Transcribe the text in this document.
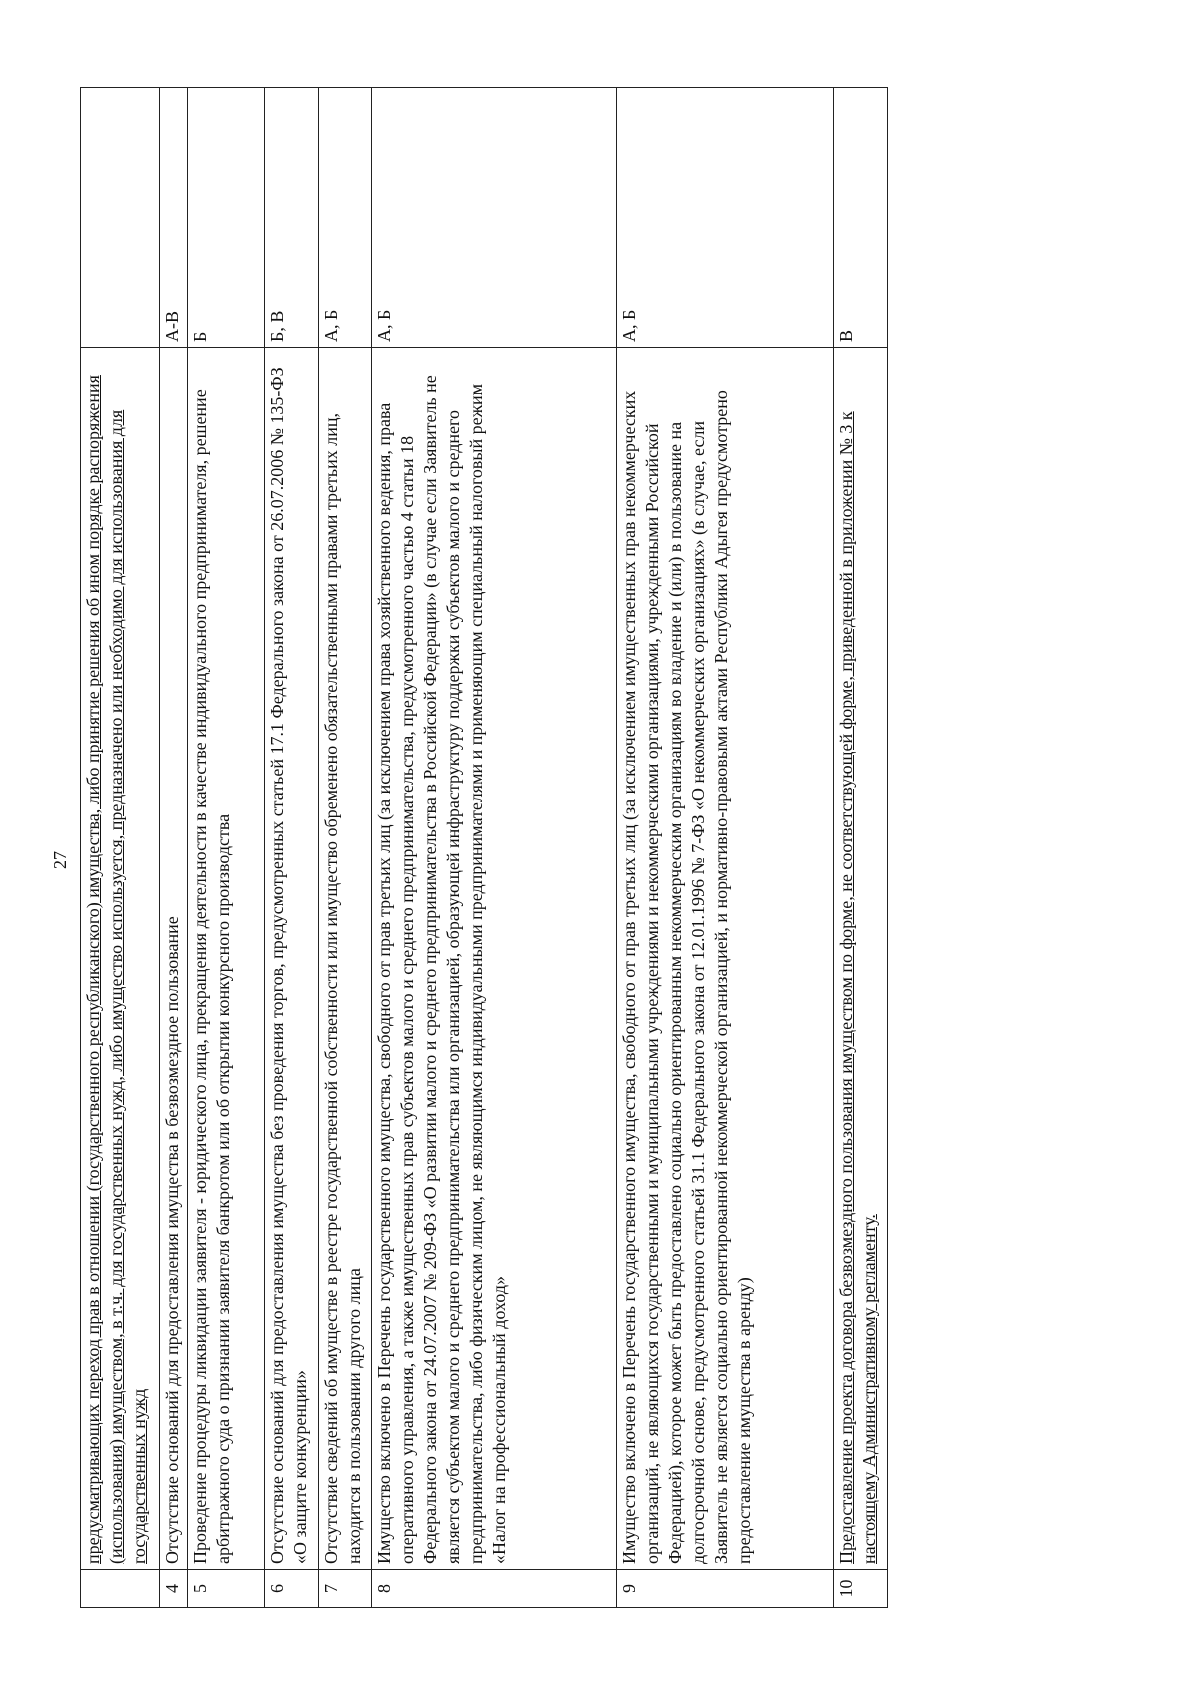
27
	предусматривающих переход прав в отношении (государственного республиканского) имущества, либо принятие решения об ином порядке распоряжения (использования) имуществом, в т.ч. для государственных нужд, либо имущество используется, предназначено или необходимо для использования для государственных нужд	
4	Отсутствие оснований для предоставления имущества в безвозмездное пользование	А-В
5	Проведение процедуры ликвидации заявителя - юридического лица, прекращения деятельности в качестве индивидуального предпринимателя, решение арбитражного суда о признании заявителя банкротом или об открытии конкурсного производства	Б
6	Отсутствие оснований для предоставления имущества без проведения торгов, предусмотренных статьей 17.1 Федерального закона от 26.07.2006 № 135-ФЗ «О защите конкуренции»	Б, В
7	Отсутствие сведений об имуществе в реестре государственной собственности или имущество обременено обязательственными правами третьих лиц, находится в пользовании другого лица	А, Б
8	Имущество включено в Перечень государственного имущества, свободного от прав третьих лиц (за исключением права хозяйственного ведения, права оперативного управления, а также имущественных прав субъектов малого и среднего предпринимательства, предусмотренного частью 4 статьи 18 Федерального закона от 24.07.2007 № 209-ФЗ «О развитии малого и среднего предпринимательства в Российской Федерации» (в случае если Заявитель не является субъектом малого и среднего предпринимательства или организацией, образующей инфраструктуру поддержки субъектов малого и среднего предпринимательства, либо физическим лицом, не являющимся индивидуальными предпринимателями и применяющим специальный налоговый режим «Налог на профессиональный доход»	А, Б
9	Имущество включено в Перечень государственного имущества, свободного от прав третьих лиц (за исключением имущественных прав некоммерческих организаций, не являющихся государственными и муниципальными учреждениями и некоммерческими организациями, учрежденными Российской Федерацией), которое может быть предоставлено социально ориентированным некоммерческим организациям во владение и (или) в пользование на долгосрочной основе, предусмотренного статьей 31.1 Федерального закона от 12.01.1996 № 7-ФЗ «О некоммерческих организациях» (в случае, если Заявитель не является социально ориентированной некоммерческой организацией, и нормативно-правовыми актами Республики Адыгея предусмотрено предоставление имущества в аренду)	А, Б
10	Предоставление проекта договора безвозмездного пользования имуществом по форме, не соответствующей форме, приведенной в приложении № 3 к настоящему Административному регламенту.	В
